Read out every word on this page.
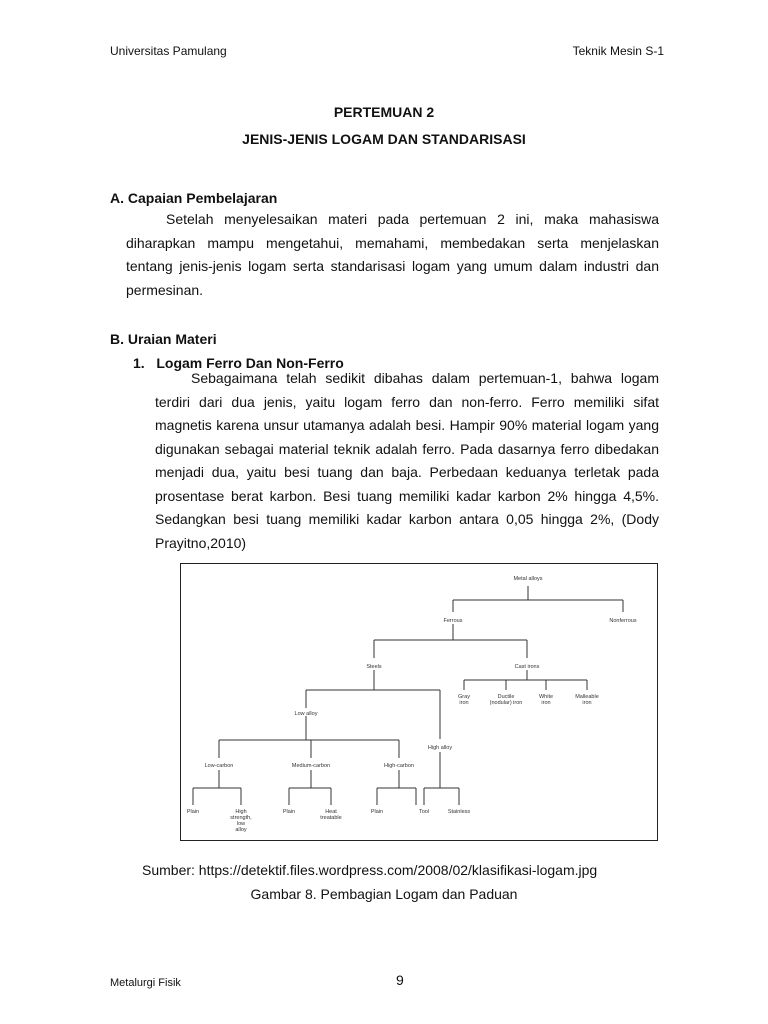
Universitas Pamulang	Teknik Mesin S-1
PERTEMUAN 2
JENIS-JENIS LOGAM DAN STANDARISASI
A. Capaian Pembelajaran
Setelah menyelesaikan materi pada pertemuan 2 ini, maka mahasiswa diharapkan mampu mengetahui, memahami, membedakan serta menjelaskan tentang jenis-jenis logam serta standarisasi logam yang umum dalam industri dan permesinan.
B. Uraian Materi
1.   Logam Ferro Dan Non-Ferro
Sebagaimana telah sedikit dibahas dalam pertemuan-1, bahwa logam terdiri dari dua jenis, yaitu logam ferro dan non-ferro. Ferro memiliki sifat magnetis karena unsur utamanya adalah besi. Hampir 90% material logam yang digunakan sebagai material teknik adalah ferro. Pada dasarnya ferro dibedakan menjadi dua, yaitu besi tuang dan baja. Perbedaan keduanya terletak pada prosentase berat karbon. Besi tuang memiliki kadar karbon 2% hingga 4,5%. Sedangkan besi tuang memiliki kadar karbon antara 0,05 hingga 2%, (Dody Prayitno,2010)
Metal alloys
Ferrous	Nonferrous
Steels	Cast irons
Gray
iron
Ductile
(nodular) iron
White
iron
Malleable
iron
Low alloy
High alloy
Low-carbon	Medium-carbon	High-carbon
Plain	High
strength,
low
alloy
Plain	Heat
treatable
Plain	Tool	Stainless
Sumber: https://detektif.files.wordpress.com/2008/02/klasifikasi-logam.jpg
Gambar 8. Pembagian Logam dan Paduan
Metalurgi Fisik	9
